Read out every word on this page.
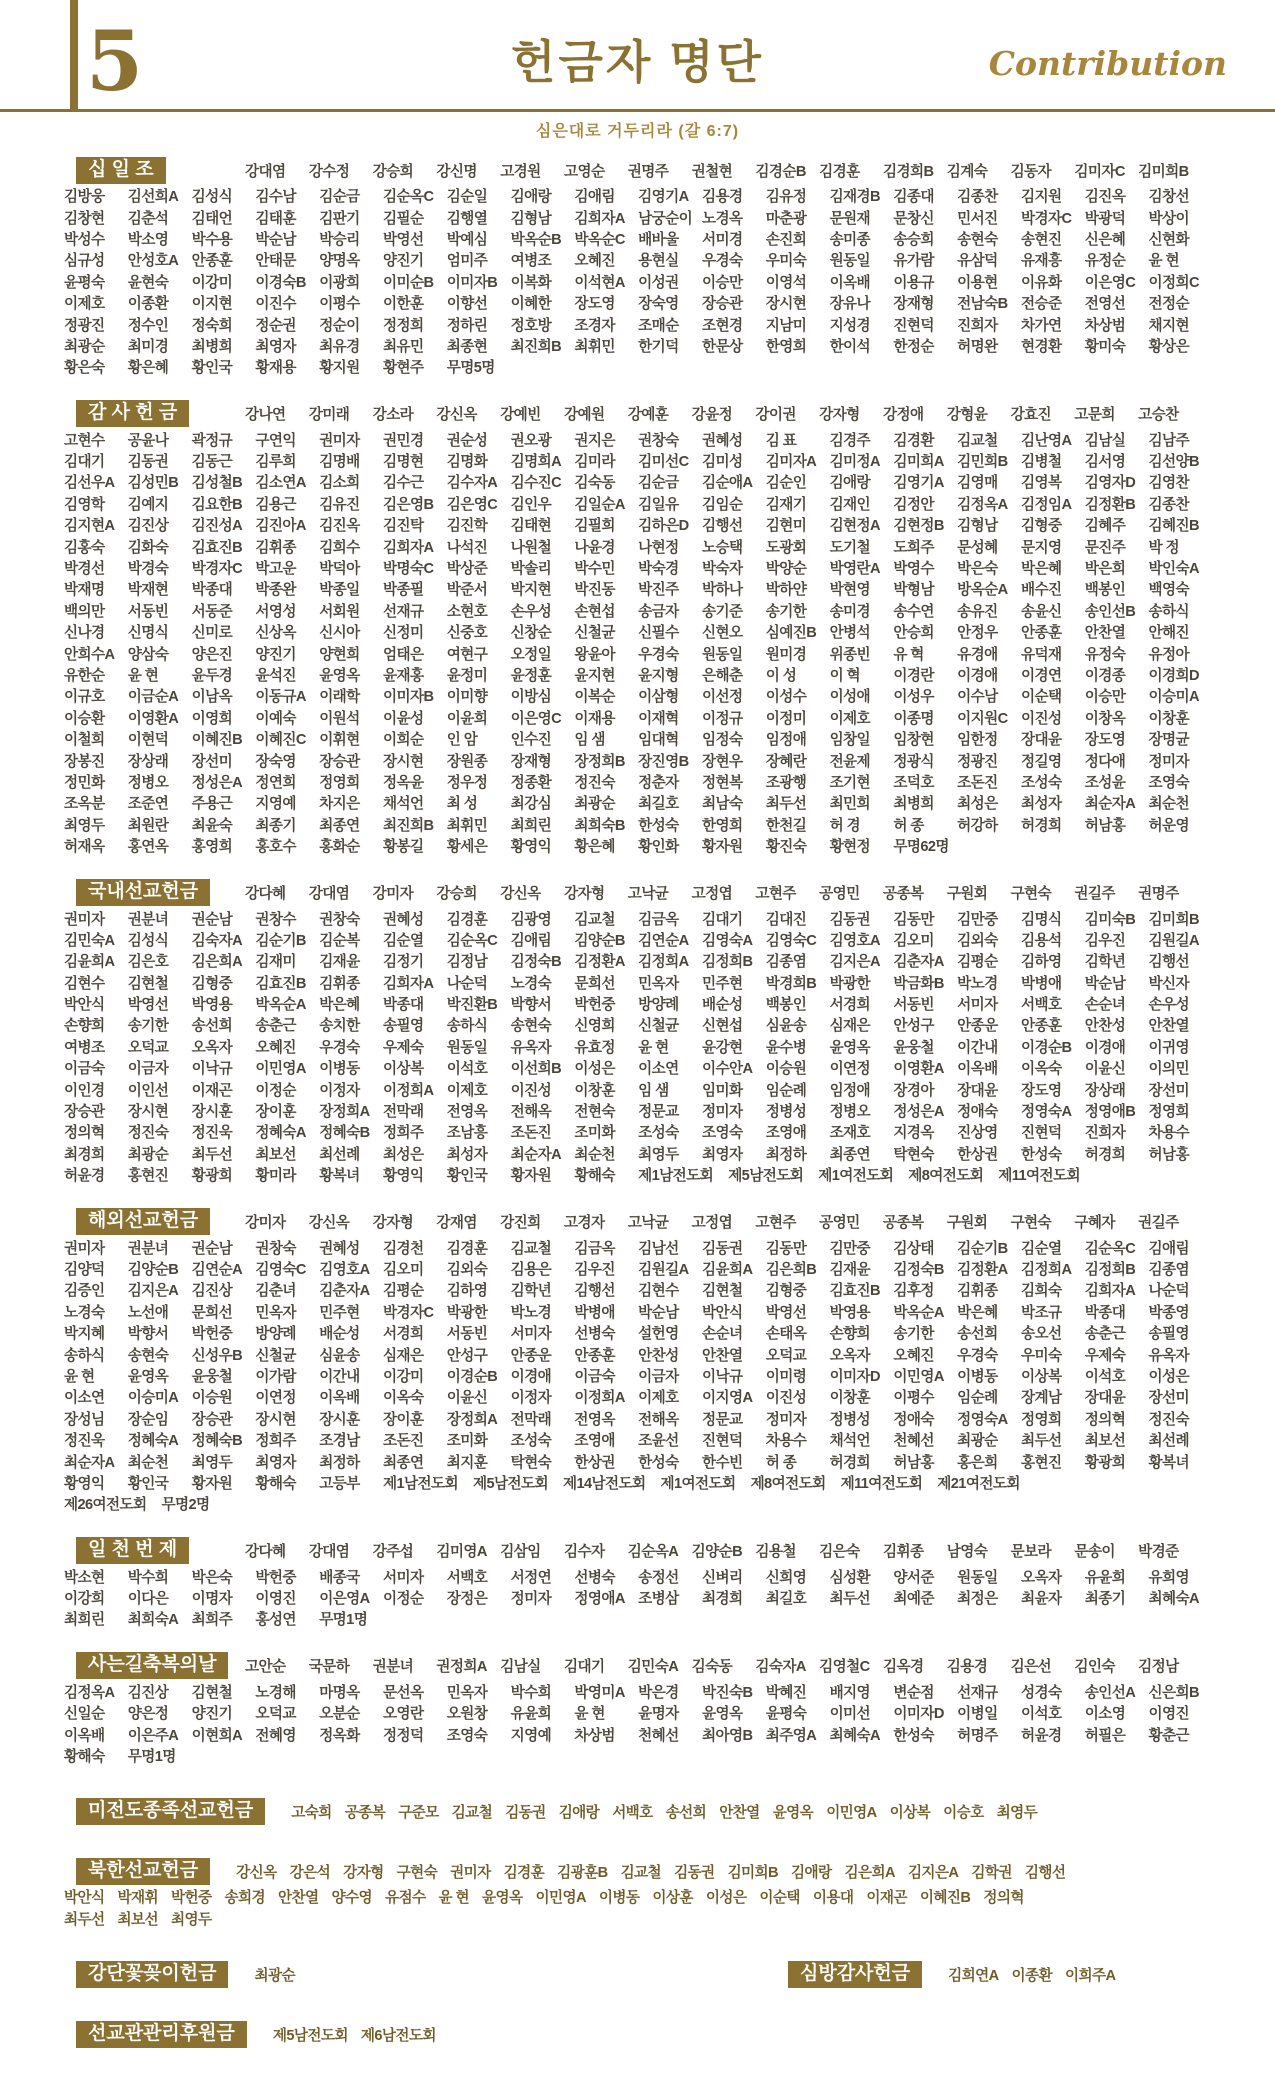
5	헌금자 명단	Contribution
심은대로 거두리라 (갈 6:7)
십 일 조	강대염	강수정	강승희	강신명	고경원	고영순	권명주	권철현	김경순B 김경훈	김경희B 김계숙	김동자	김미자C 김미희B
김방웅	김선희A 김성식	김수남	김순금	김순옥C 김순일	김애랑	김애림	김영기A 김용경	김유정	김재경B 김종대	김종찬	김지원	김진옥	김창선
김창현	김춘석	김태언	김태훈	김판기	김필순	김행열	김형남	김희자A 남궁순이 노경옥	마춘광	문원재	문창신	민서진	박경자C 박광덕	박상이
박성수	박소영	박수용	박순남	박승리	박영선	박예심	박옥순B 박옥순C 배바울	서미경	손진희	송미종	송승희	송현숙	송현진	신은혜	신현화
심규성	안성호A 안종훈	안태문	양명옥	양진기	엄미주	여병조	오혜진	용현실	우경숙	우미숙	원동일	유가람	유삼덕	유재흥	유정순	윤 현
윤평숙	윤현숙	이강미	이경숙B 이광희	이미순B 이미자B 이복화	이석현A 이성권	이승만	이영석	이옥배	이용규	이용현	이유화	이은영C 이정희C
이제호	이종환	이지현	이진수	이평수	이한훈	이향선	이혜한	장도영	장숙영	장승관	장시현	장유나	장재형	전남숙B 전승준	전영선	전정순
정광진	정수인	정숙희	정순권	정순이	정정희	정하린	정호방	조경자	조매순	조현경	지남미	지성경	진현덕	진희자	차가연	차상범	채지현
최광순	최미경	최병희	최영자	최유경	최유민	최종현	최진희B 최휘민	한기덕	한문상	한영희	한이석	한정순	허명완	현경환	황미숙	황상은
황은숙	황은혜	황인국	황재용	황지원	황현주	무명5명
감 사 헌 금	강나연	강미래	강소라	강신옥	강예빈	강예원	강예훈	강윤정	강이권	강자형	강정애	강형윤	강효진	고문희	고승찬
고현수	공윤나	곽정규	구연익	권미자	권민경	권순성	권오광	권지은	권창숙	권혜성	김 표	김경주	김경환	김교철	김난영A 김남실	김남주
김대기	김동권	김동근	김루희	김명배	김명현	김명화	김명희A 김미라	김미선C 김미성	김미자A 김미정A 김미희A 김민희B 김병철	김서영	김선양B
김선우A 김성민B 김성철B 김소연A 김소희	김수근	김수자A 김수진C 김숙동	김순금	김순애A 김순인	김애랑	김영기A 김영매	김영복	김영자D 김영찬
김영학	김예지	김요한B 김용근	김유진	김은영B 김은영C 김인우	김일순A 김일유	김임순	김재기	김재인	김정안	김정옥A 김정임A 김정환B 김종찬
김지현A 김진상	김진성A 김진아A 김진옥	김진탁	김진학	김태현	김필희	김하은D 김행선	김현미	김현정A 김현정B 김형남	김형중	김혜주	김혜진B
김홍숙	김화숙	김효진B 김휘종	김희수	김희자A 나석진	나원철	나윤경	나현정	노승택	도광회	도기철	도희주	문성혜	문지영	문진주	박 정
박경선	박경숙	박경자C 박고운	박덕아	박명숙C 박상준	박솔리	박수민	박숙경	박숙자	박양순	박영란A 박영수	박은숙	박은혜	박은희	박인숙A
박재명	박재현	박종대	박종완	박종일	박종필	박준서	박지현	박진동	박진주	박하나	박하얀	박현영	박형남	방옥순A 배수진	백봉인	백영숙
백의만	서동빈	서동준	서영성	서회원	선재규	소현호	손우성	손현섭	송금자	송기준	송기한	송미경	송수연	송유진	송윤신	송인선B 송하식
신나경	신명식	신미로	신상옥	신시아	신정미	신중호	신창순	신철균	신필수	신현오	심예진B 안병석	안승희	안정우	안종훈	안찬열	안해진
안희수A 양삼숙	양은진	양진기	양현희	엄태은	여현구	오정일	왕윤아	우경숙	원동일	원미경	위종빈	유 혁	유경애	유덕재	유정숙	유정아
유한순	윤 현	윤두경	윤석진	윤영옥	윤재홍	윤정미	윤정훈	윤지현	윤지형	은해춘	이 성	이 혁	이경란	이경애	이경연	이경종	이경희D
이규호	이금순A 이남옥	이동규A 이래학	이미자B 이미향	이방심	이복순	이삼형	이선정	이성수	이성애	이성우	이수남	이순택	이승만	이승미A
이승환	이영환A 이영희	이예숙	이원석	이윤성	이윤희	이은영C 이재용	이재혁	이정규	이정미	이제호	이종명	이지원C 이진성	이창옥	이창훈
이철희	이현덕	이혜진B 이혜진C 이휘현	이희순	인 암	인수진	임 샘	임대혁	임정숙	임정애	임창일	임창현	임한정	장대윤	장도영	장명균
장봉진	장상래	장선미	장숙영	장승관	장시현	장원종	장재형	장정희B 장진영B 장현우	장혜란	전윤제	정광식	정광진	정길영	정다애	정미자
정민화	정병오	정성은A 정연희	정영희	정옥윤	정우정	정종환	정진숙	정춘자	정현복	조광행	조기현	조덕호	조돈진	조성숙	조성윤	조영숙
조옥분	조준연	주용근	지영예	차지은	채석언	최 성	최강심	최광순	최길호	최남숙	최두선	최민희	최병희	최성은	최성자	최순자A 최순천
최영두	최원란	최윤숙	최종기	최종연	최진희B 최휘민	최희린	최희숙B 한성숙	한영희	한천길	허 경	허 종	허강하	허경희	허남홍	허운영
허재옥	홍연옥	홍영희	홍호수	홍화순	황봉길	황세은	황영익	황은혜	황인화	황자원	황진숙	황현정	무명62명
국내선교헌금	강다혜	강대염	강미자	강승희	강신옥	강자형	고낙균	고정엽	고현주	공영민	공종복	구원회	구현숙	권길주	권명주
권미자	권분녀	권순남	권창수	권창숙	권혜성	김경훈	김광영	김교철	김금옥	김대기	김대진	김동권	김동만	김만중	김명식	김미숙B 김미희B
김민숙A 김성식	김숙자A 김순기B 김순복	김순열	김순옥C 김애림	김양순B 김연순A 김영숙A 김영숙C 김영호A 김오미	김외숙	김용석	김우진	김원길A
김윤희A 김은호	김은희A 김재미	김재윤	김정기	김정남	김정숙B 김정환A 김정희A 김정희B 김종염	김지은A 김춘자A 김평순	김하영	김학년	김행선
김현수	김현철	김형중	김효진B 김휘종	김희자A 나순덕	노경숙	문희선	민옥자	민주현	박경희B 박광한	박금화B 박노경	박병애	박순남	박신자
박안식	박영선	박영용	박옥순A 박은혜	박종대	박진환B 박향서	박헌중	방양례	배순성	백봉인	서경희	서동빈	서미자	서백호	손순녀	손우성
손향희	송기한	송선희	송춘근	송치한	송필영	송하식	송현숙	신영희	신철균	신현섭	심윤송	심재은	안성구	안종운	안종훈	안찬성	안찬열
여병조	오덕교	오옥자	오혜진	우경숙	우제숙	원동일	유옥자	유효정	윤 현	윤강현	윤수병	윤영옥	윤웅철	이간내	이경순B 이경애	이귀영
이금숙	이금자	이낙규	이민영A 이병동	이상복	이석호	이선희B 이성은	이소연	이수안A 이승원	이연정	이영환A 이옥배	이옥숙	이윤신	이의민
이인경	이인선	이재곤	이정순	이정자	이정희A 이제호	이진성	이창훈	임 샘	임미화	임순례	임정애	장경아	장대윤	장도영	장상래	장선미
장승관	장시현	장시훈	장이훈	장정희A 전막래	전영옥	전해옥	전현숙	정문교	정미자	정병성	정병오	정성은A 정애숙	정영숙A 정영애B 정영희
정의혁	정진숙	정진욱	정혜숙A 정혜숙B 정희주	조남흥	조돈진	조미화	조성숙	조영숙	조영애	조재호	지경옥	진상영	진현덕	진희자	차용수
최경희	최광순	최두선	최보선	최선례	최성은	최성자	최순자A 최순천	최영두	최영자	최정하	최종연	탁현숙	한상권	한성숙	허경희	허남홍
허윤경	홍현진	황광희	황미라	황복녀	황영익	황인국	황자원	황해숙	제1남전도회	제5남전도회	제1여전도회	제8여전도회	제11여전도회
해외선교헌금	강미자	강신옥	강자형	강재염	강진희	고경자	고낙균	고정엽	고현주	공영민	공종복	구원회	구현숙	구혜자	권길주
권미자	권분녀	권순남	권창숙	권혜성	김경천	김경훈	김교철	김금옥	김남선	김동권	김동만	김만중	김상태	김순기B 김순열	김순옥C 김애림
김양덕	김양순B 김연순A 김영숙C 김영호A 김오미	김외숙	김용은	김우진	김원길A 김윤희A 김은희B 김재윤	김정숙B 김정환A 김정희A 김정희B 김종염
김증인	김지은A 김진상	김춘녀	김춘자A 김평순	김하영	김학년	김행선	김현수	김현철	김형중	김효진B 김후정	김휘종	김희숙	김희자A 나순덕
노경숙	노선애	문희선	민옥자	민주현	박경자C 박광한	박노경	박병애	박순남	박안식	박영선	박영용	박옥순A 박은혜	박조규	박종대	박종영
박지혜	박향서	박헌중	방양례	배순성	서경희	서동빈	서미자	선병숙	설헌영	손순녀	손태옥	손향희	송기한	송선희	송오선	송춘근	송필영
송하식	송현숙	신성우B 신철균	심윤송	심재은	안성구	안종운	안종훈	안찬성	안찬열	오덕교	오옥자	오혜진	우경숙	우미숙	우제숙	유옥자
윤 현	윤영옥	윤웅철	이가람	이간내	이강미	이경순B 이경애	이금숙	이금자	이낙규	이미령	이미자D 이민영A 이병동	이상복	이석호	이성은
이소연	이승미A 이승원	이연정	이옥배	이옥숙	이윤신	이정자	이정희A 이제호	이지영A 이진성	이창훈	이평수	임순례	장계남	장대윤	장선미
장성님	장순임	장승관	장시현	장시훈	장이훈	장정희A 전막래	전영옥	전해옥	정문교	정미자	정병성	정애숙	정영숙A 정영희	정의혁	정진숙
정진욱	정혜숙A 정혜숙B 정희주	조경남	조돈진	조미화	조성숙	조영애	조윤선	진현덕	차용수	채석언	천혜선	최광순	최두선	최보선	최선례
최순자A 최순천	최영두	최영자	최정하	최종연	최지훈	탁현숙	한상권	한성숙	한수빈	허 종	허경희	허남홍	홍은희	홍현진	황광희	황복녀
황영익	황인국	황자원	황해숙	고등부	제1남전도회	제5남전도회	제14남전도회	제1여전도회	제8여전도회	제11여전도회	제21여전도회
제26여전도회	무명2명
일 천 번 제	강다혜	강대염	강주섭	김미영A 김삼임	김수자	김순옥A 김양순B 김용철	김은숙	김휘종	남영숙	문보라	문송이	박경준
박소현	박수희	박은숙	박헌중	배종국	서미자	서백호	서정연	선병숙	송정선	신벼리	신희영	심성환	양서준	원동일	오옥자	유윤희	유희영
이강희	이다은	이명자	이영진	이은영A 이정순	장정은	정미자	정영애A 조병삼	최경희	최길호	최두선	최예준	최정은	최윤자	최종기	최혜숙A
최희린	최희숙A 최희주	홍성연	무명1명
사는길축복의날	고안순	국문하	권분녀	권정희A 김남실	김대기	김민숙A 김숙동	김숙자A 김영철C 김옥경	김용경	김은선	김인숙	김정남
김정옥A 김진상	김현철	노경해	마명옥	문선옥	민옥자	박수희	박영미A 박은경	박진숙B 박혜진	배지영	변순점	선재규	성경숙	송인선A 신은희B
신일순	양은정	양진기	오덕교	오분순	오영란	오원창	유윤희	윤 현	윤명자	윤영옥	윤평숙	이미선	이미자D 이병일	이석호	이소영	이영진
이옥배	이은주A 이현희A 전혜영	정옥화	정정덕	조영숙	지영예	차상범	천혜선	최아영B 최주영A 최혜숙A 한성숙	허명주	허윤경	허필은	황춘근
황해숙	무명1명
미전도종족선교헌금	고숙희 공종복 구준모 김교철 김동권 김애랑 서백호 송선희 안찬열 윤영옥 이민영A 이상복 이승호 최영두
북한선교헌금	강신옥 강은석 강자형 구현숙 권미자 김경훈 김광훈B 김교철 김동권 김미희B 김애랑 김은희A 김지은A 김학권 김행선
박안식 박재휘 박헌중 송희경 안찬열 양수영 유점수 윤 현 윤영옥 이민영A 이병동 이상훈 이성은 이순택 이용대 이재곤 이혜진B 정의혁
최두선 최보선 최영두
강단꽃꽂이헌금	최광순	심방감사헌금	김희연A 이종환 이희주A
선교관관리후원금	제5남전도회 제6남전도회
